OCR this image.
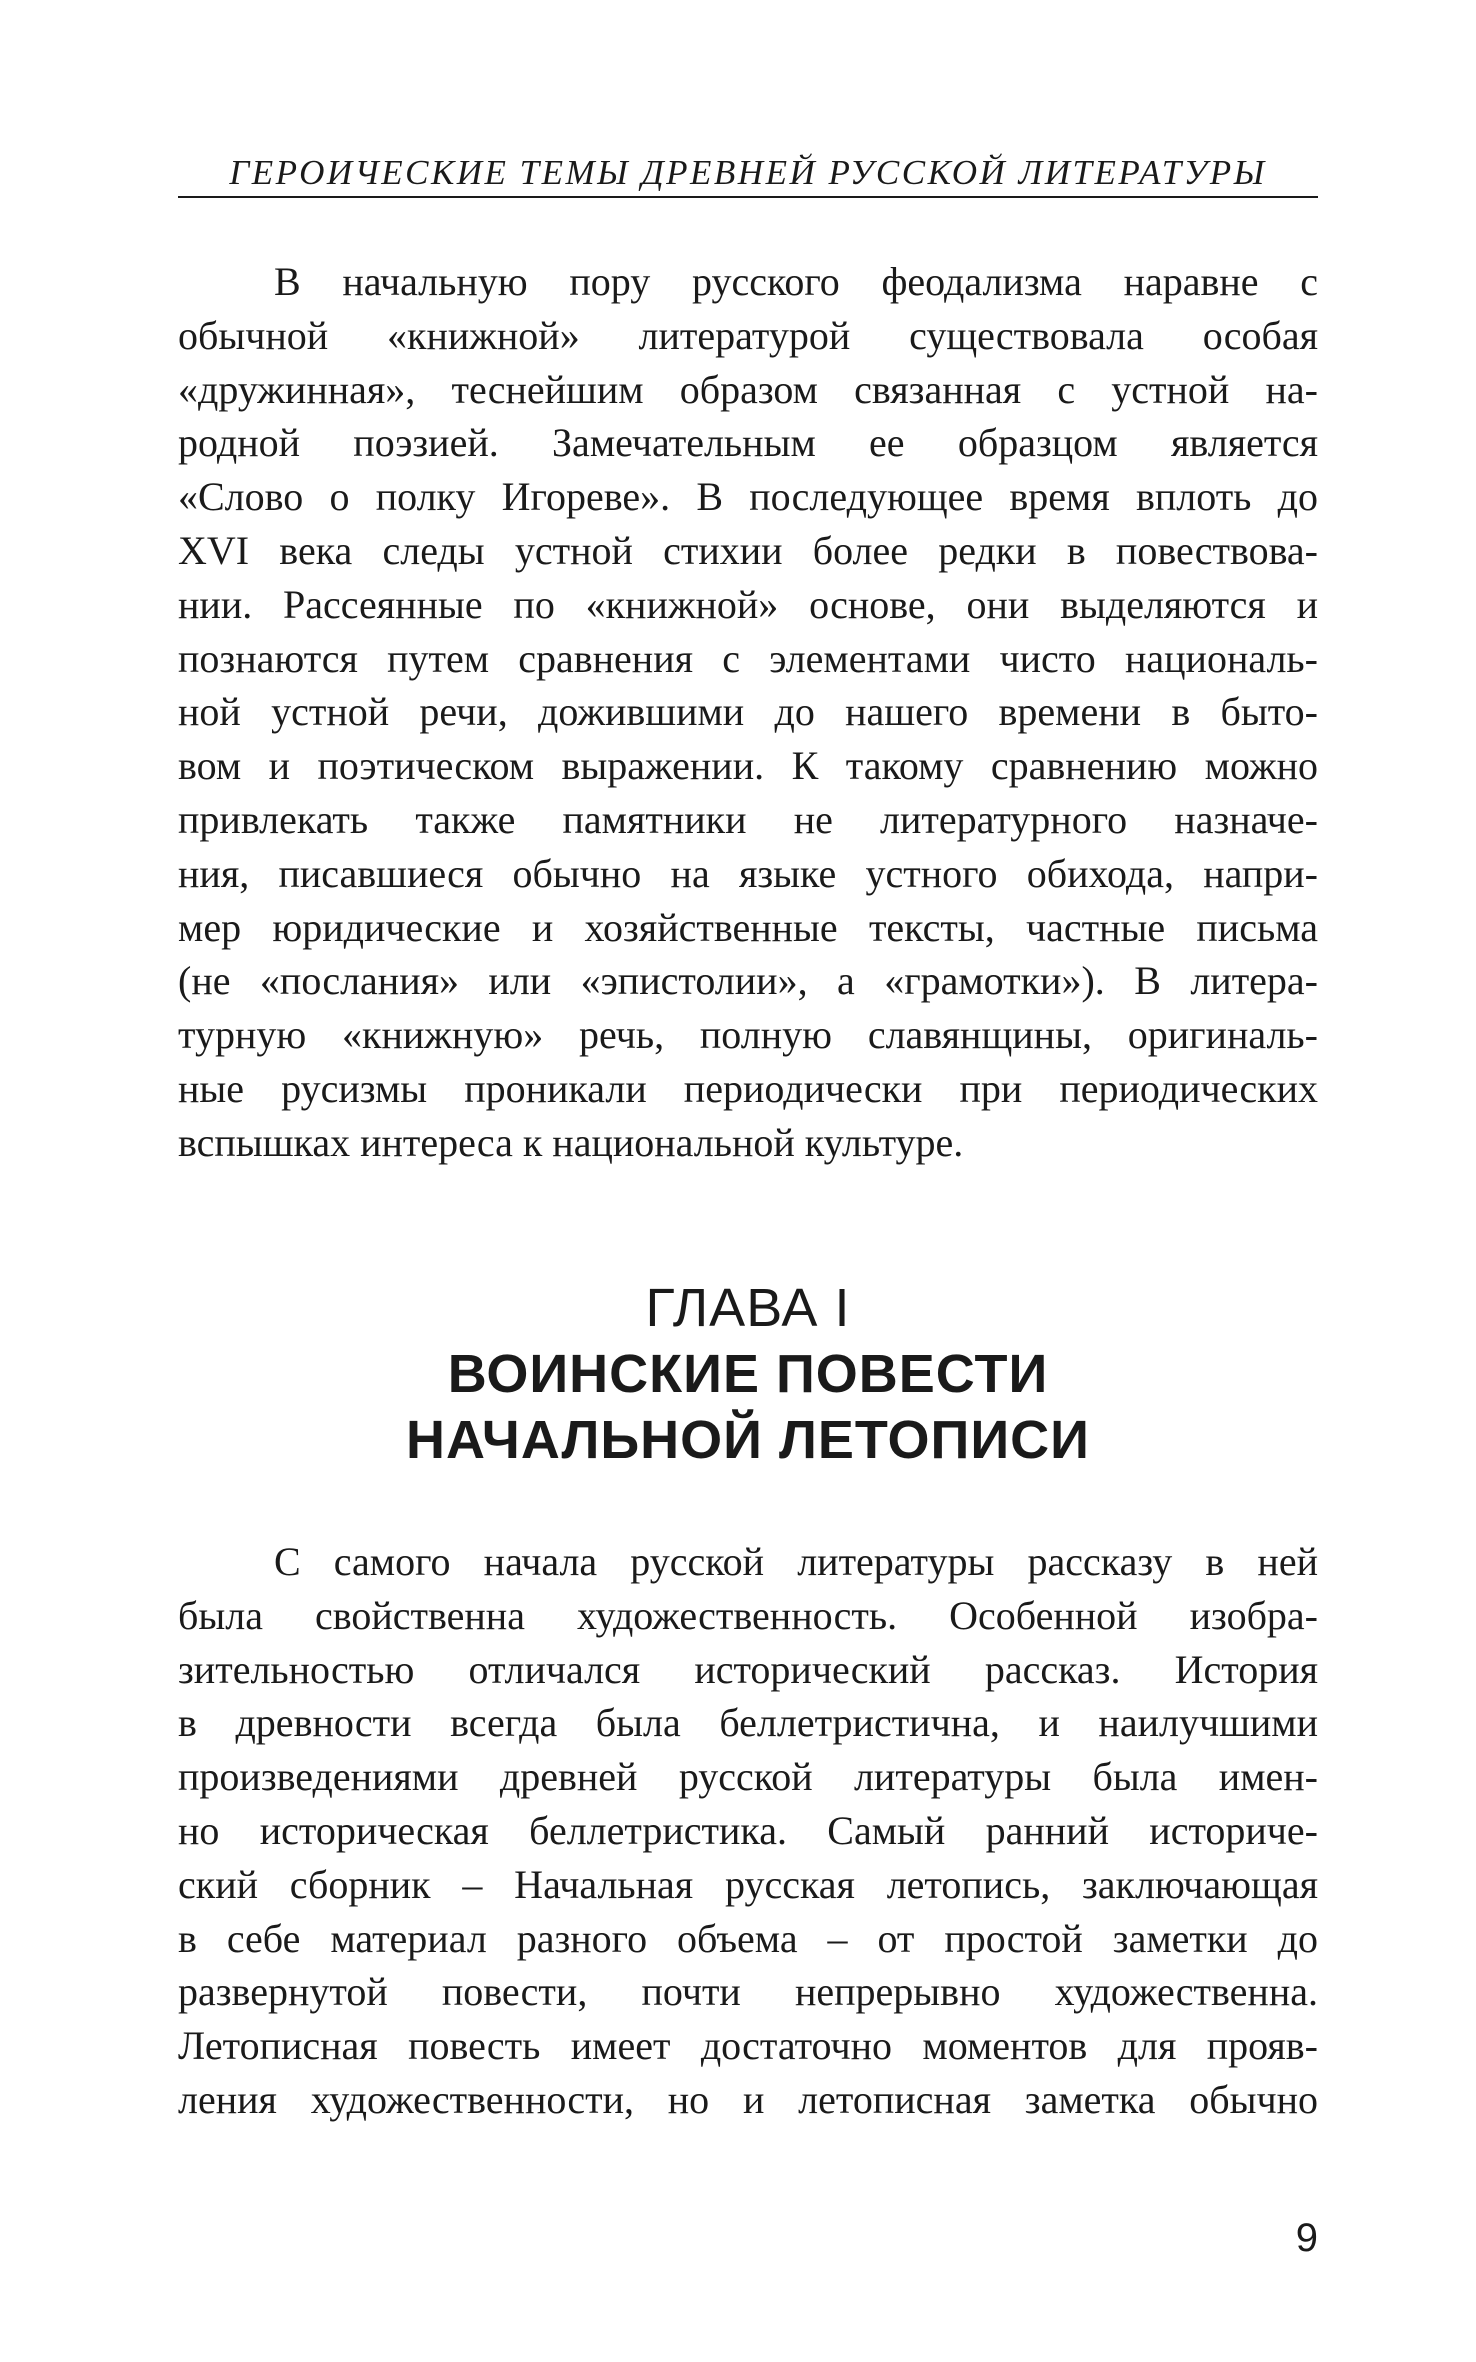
ГЕРОИЧЕСКИЕ ТЕМЫ ДРЕВНЕЙ РУССКОЙ ЛИТЕРАТУРЫ
В начальную пору русского феодализма наравне с
обычной «книжной» литературой существовала особая
«дружинная», теснейшим образом связанная с устной на-
родной поэзией. Замечательным ее образцом является
«Слово о полку Игореве». В последующее время вплоть до
XVI века следы устной стихии более редки в повествова-
нии. Рассеянные по «книжной» основе, они выделяются и
познаются путем сравнения с элементами чисто националь-
ной устной речи, дожившими до нашего времени в быто-
вом и поэтическом выражении. К такому сравнению можно
привлекать также памятники не литературного назначе-
ния, писавшиеся обычно на языке устного обихода, напри-
мер юридические и хозяйственные тексты, частные письма
(не «послания» или «эпистолии», а «грамотки»). В литера-
турную «книжную» речь, полную славянщины, оригиналь-
ные русизмы проникали периодически при периодических
вспышках интереса к национальной культуре.
ГЛАВА I
ВОИНСКИЕ ПОВЕСТИ
НАЧАЛЬНОЙ ЛЕТОПИСИ
С самого начала русской литературы рассказу в ней
была свойственна художественность. Особенной изобра-
зительностью отличался исторический рассказ. История
в древности всегда была беллетристична, и наилучшими
произведениями древней русской литературы была имен-
но историческая беллетристика. Самый ранний историче-
ский сборник – Начальная русская летопись, заключающая
в себе материал разного объема – от простой заметки до
развернутой повести, почти непрерывно художественна.
Летописная повесть имеет достаточно моментов для прояв-
ления художественности, но и летописная заметка обычно
9
